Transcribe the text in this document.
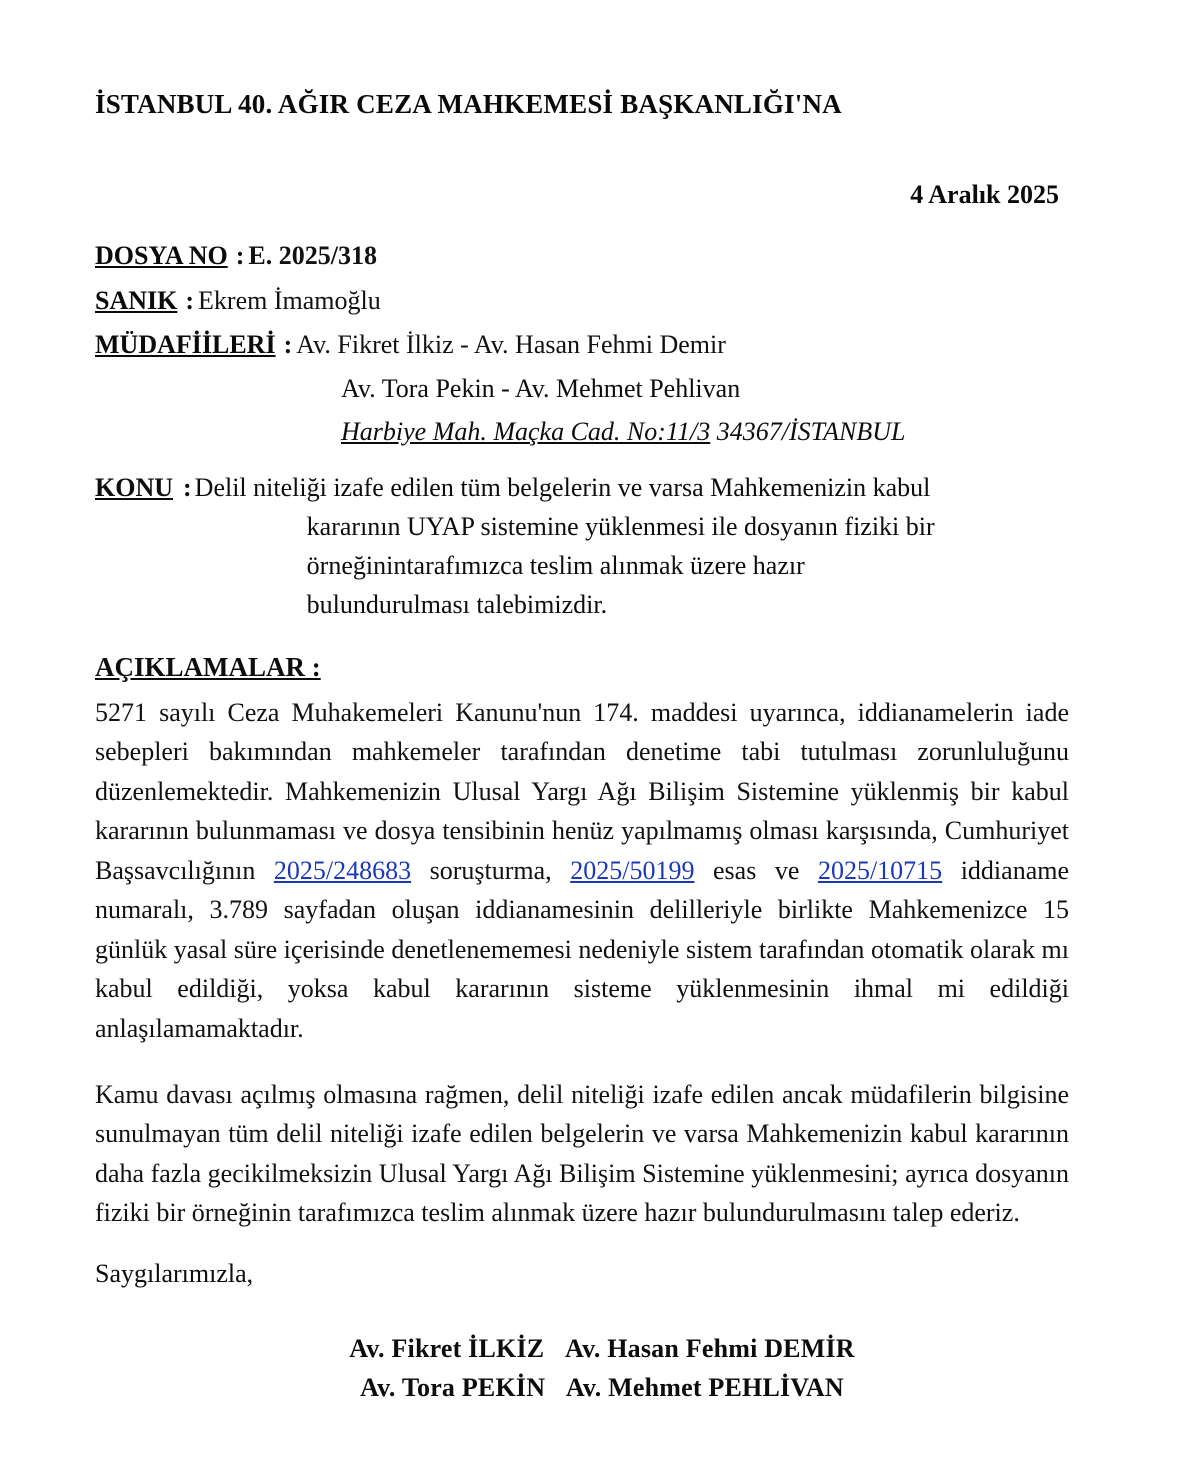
İSTANBUL 40. AĞIR CEZA MAHKEMESİ BAŞKANLIĞI'NA
4 Aralık 2025
DOSYA NO : E. 2025/318
SANIK : Ekrem İmamoğlu
MÜDAFİİLERİ : Av. Fikret İlkiz - Av. Hasan Fehmi Demir
Av. Tora Pekin - Av. Mehmet Pehlivan
Harbiye Mah. Maçka Cad. No:11/3 34367/İSTANBUL
KONU : Delil niteliği izafe edilen tüm belgelerin ve varsa Mahkemenizin kabul
kararının UYAP sistemine yüklenmesi ile dosyanın fiziki bir
örneğinintarafımızca teslim alınmak üzere hazır
bulundurulması talebimizdir.
AÇIKLAMALAR :

5271 sayılı Ceza Muhakemeleri Kanunu'nun 174. maddesi uyarınca, iddianamelerin iade sebepleri bakımından mahkemeler tarafından denetime tabi tutulması zorunluluğunu düzenlemektedir. Mahkemenizin Ulusal Yargı Ağı Bilişim Sistemine yüklenmiş bir kabul kararının bulunmaması ve dosya tensibinin henüz yapılmamış olması karşısında, Cumhuriyet Başsavcılığının 2025/248683 soruşturma, 2025/50199 esas ve 2025/10715 iddianame numaralı, 3.789 sayfadan oluşan iddianamesinin delilleriyle birlikte Mahkemenizce 15 günlük yasal süre içerisinde denetlenememesi nedeniyle sistem tarafından otomatik olarak mı kabul edildiği, yoksa kabul kararının sisteme yüklenmesinin ihmal mi edildiği anlaşılamamaktadır.

Kamu davası açılmış olmasına rağmen, delil niteliği izafe edilen ancak müdafilerin bilgisine sunulmayan tüm delil niteliği izafe edilen belgelerin ve varsa Mahkemenizin kabul kararının daha fazla gecikilmeksizin Ulusal Yargı Ağı Bilişim Sistemine yüklenmesini; ayrıca dosyanın fiziki bir örneğinin tarafımızca teslim alınmak üzere hazır bulundurulmasını talep ederiz.

Saygılarımızla,

Av. Fikret İLKİZ Av. Hasan Fehmi DEMİR
Av. Tora PEKİN Av. Mehmet PEHLİVAN
